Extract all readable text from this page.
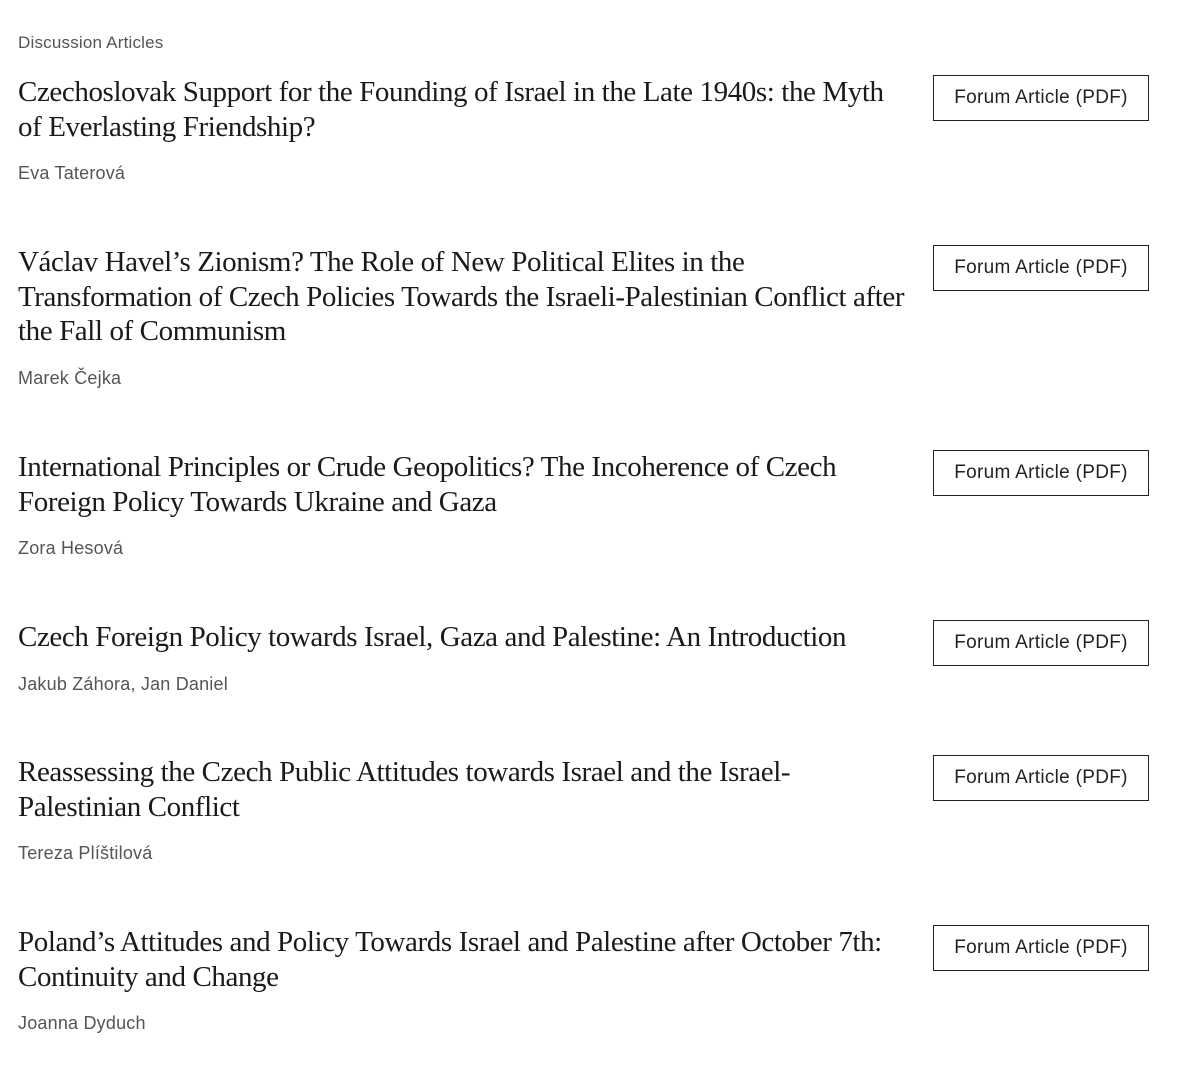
Discussion Articles
Czechoslovak Support for the Founding of Israel in the Late 1940s: the Myth of Everlasting Friendship?
Eva Taterová
Forum Article (PDF)
Václav Havel’s Zionism? The Role of New Political Elites in the Transformation of Czech Policies Towards the Israeli-Palestinian Conflict after the Fall of Communism
Marek Čejka
Forum Article (PDF)
International Principles or Crude Geopolitics? The Incoherence of Czech Foreign Policy Towards Ukraine and Gaza
Zora Hesová
Forum Article (PDF)
Czech Foreign Policy towards Israel, Gaza and Palestine: An Introduction
Jakub Záhora, Jan Daniel
Forum Article (PDF)
Reassessing the Czech Public Attitudes towards Israel and the Israel-Palestinian Conflict
Tereza Plíštilová
Forum Article (PDF)
Poland’s Attitudes and Policy Towards Israel and Palestine after October 7th: Continuity and Change
Joanna Dyduch
Forum Article (PDF)
